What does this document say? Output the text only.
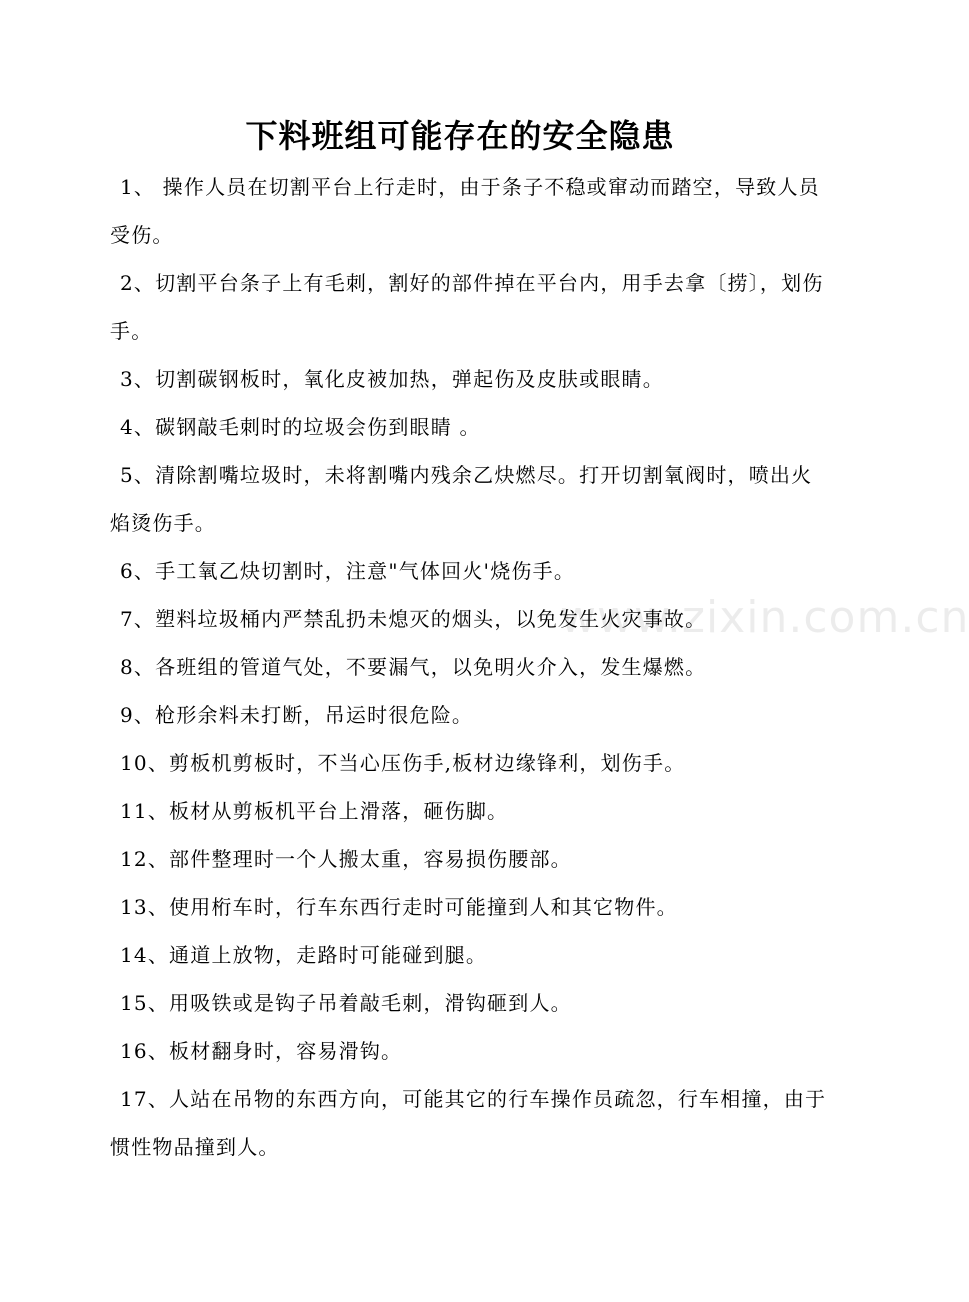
下料班组可能存在的安全隐患
1、 操作人员在切割平台上行走时，由于条子不稳或窜动而踏空，导致人员受伤。
2、切割平台条子上有毛刺，割好的部件掉在平台内，用手去拿〔捞〕，划伤手。
3、切割碳钢板时，氧化皮被加热，弹起伤及皮肤或眼睛。
4、碳钢敲毛刺时的垃圾会伤到眼睛 。
5、清除割嘴垃圾时，未将割嘴内残余乙炔燃尽。打开切割氧阀时，喷出火焰烫伤手。
6、手工氧乙炔切割时，注意"气体回火'烧伤手。
7、塑料垃圾桶内严禁乱扔未熄灭的烟头，以免发生火灾事故。
8、各班组的管道气处，不要漏气，以免明火介入，发生爆燃。
9、枪形余料未打断，吊运时很危险。
10、剪板机剪板时，不当心压伤手,板材边缘锋利，划伤手。
11、板材从剪板机平台上滑落，砸伤脚。
12、部件整理时一个人搬太重，容易损伤腰部。
13、使用桁车时，行车东西行走时可能撞到人和其它物件。
14、通道上放物，走路时可能碰到腿。
15、用吸铁或是钩子吊着敲毛刺，滑钩砸到人。
16、板材翻身时，容易滑钩。
17、人站在吊物的东西方向，可能其它的行车操作员疏忽，行车相撞，由于惯性物品撞到人。
www.zixin.com.cn
